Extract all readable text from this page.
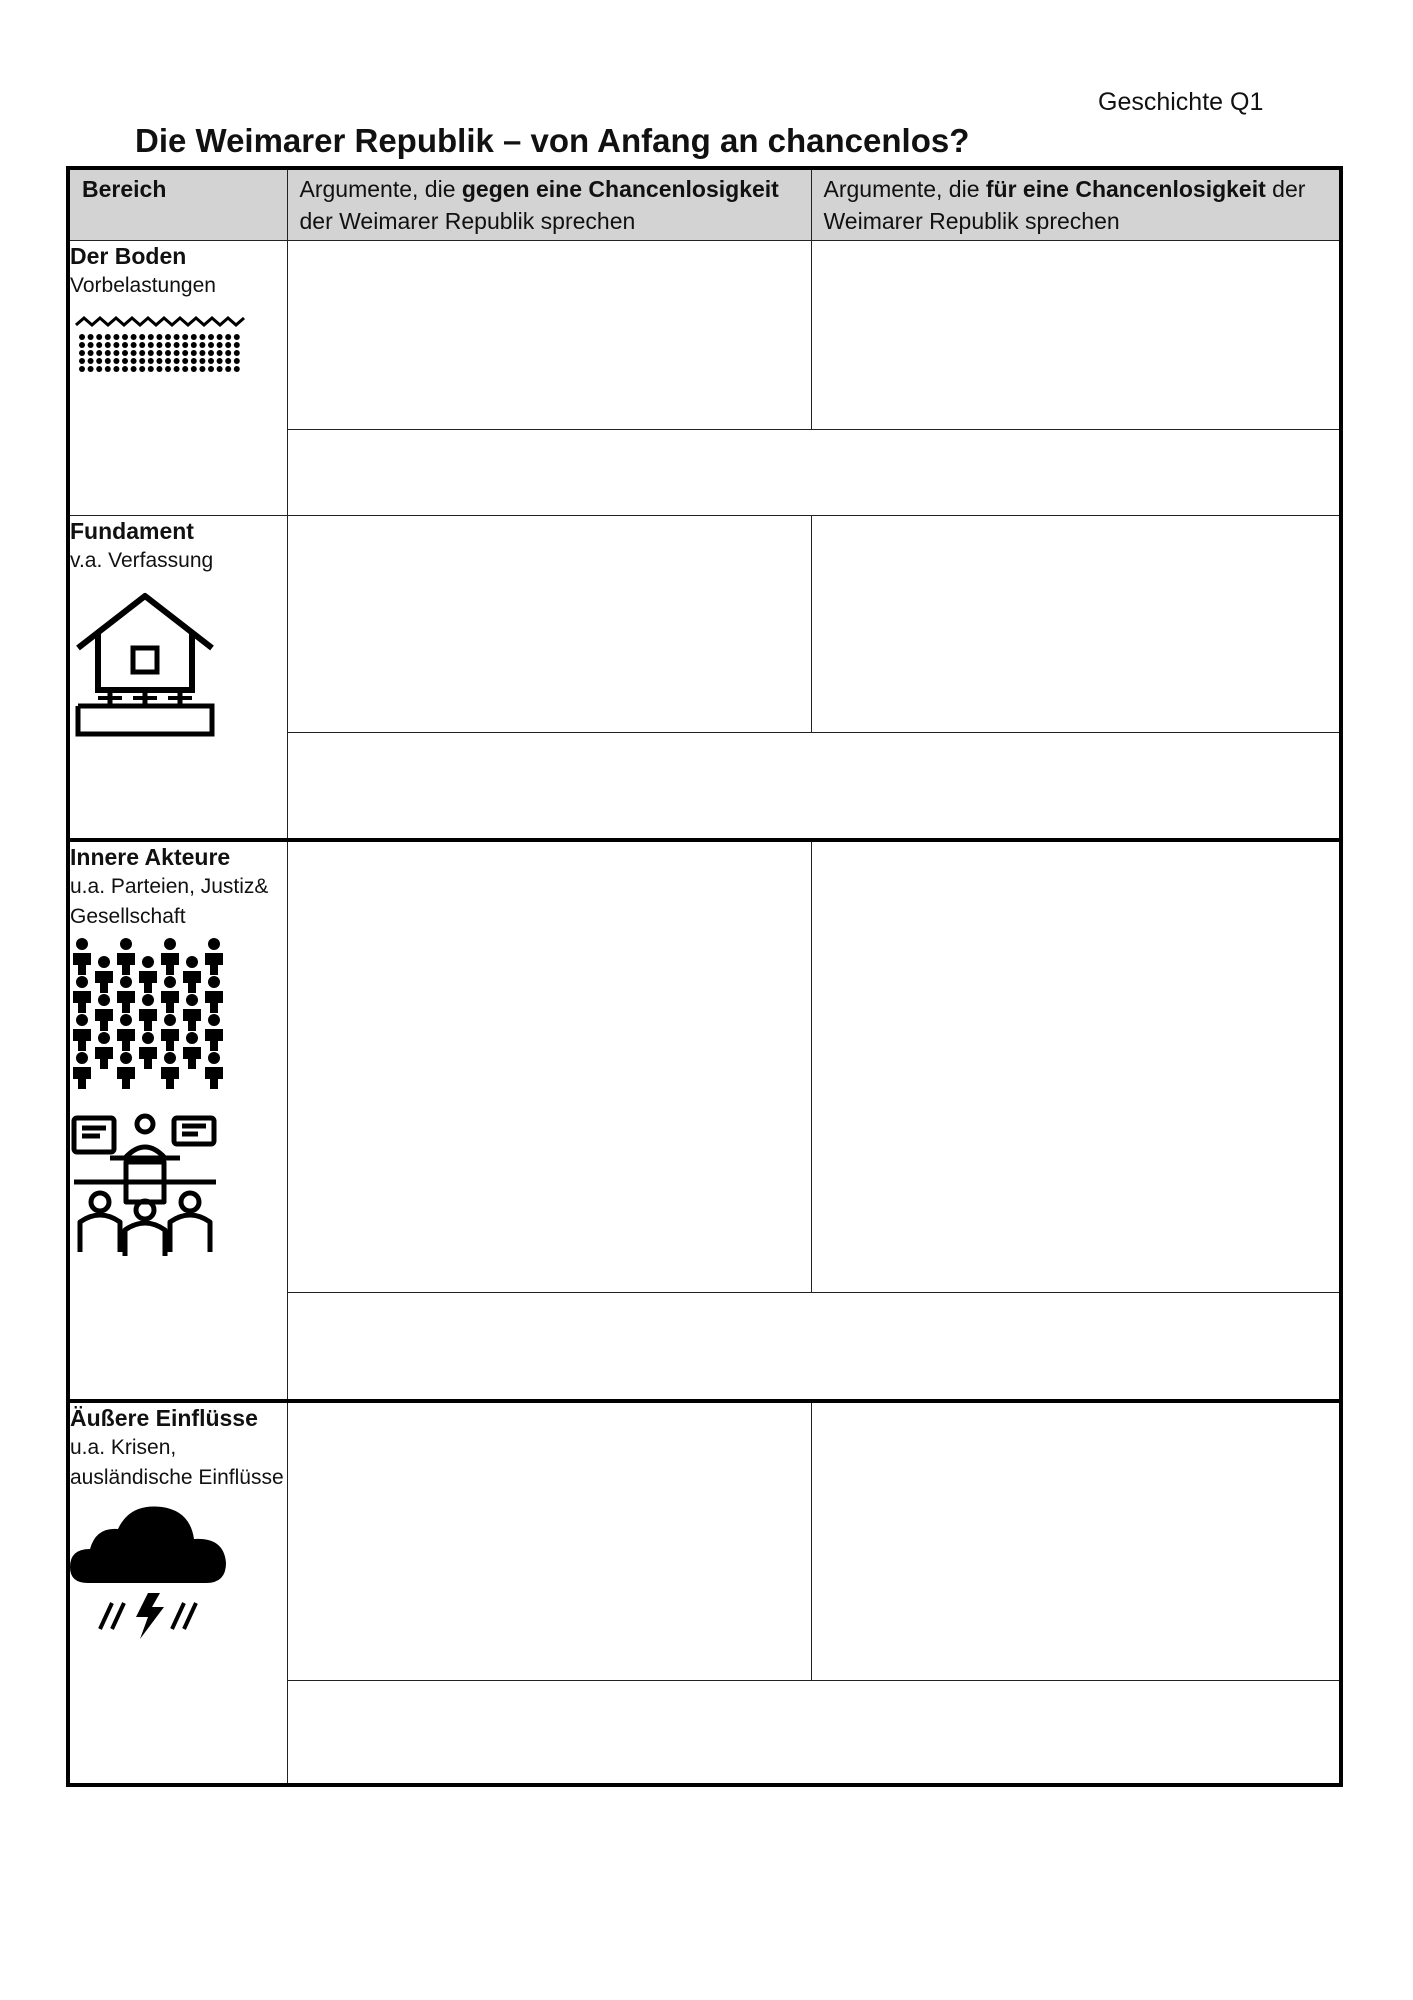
Geschichte Q1
Die Weimarer Republik – von Anfang an chancenlos?
Bereich	Argumente, die gegen eine Chancenlosigkeit der Weimarer Republik sprechen	Argumente, die für eine Chancenlosigkeit der Weimarer Republik sprechen

Der Boden
Vorbelastungen		

Fundament
v.a. Verfassung		

Innere Akteure
u.a. Parteien, Justiz& Gesellschaft		

Äußere Einflüsse
u.a. Krisen, ausländische Einflüsse		
